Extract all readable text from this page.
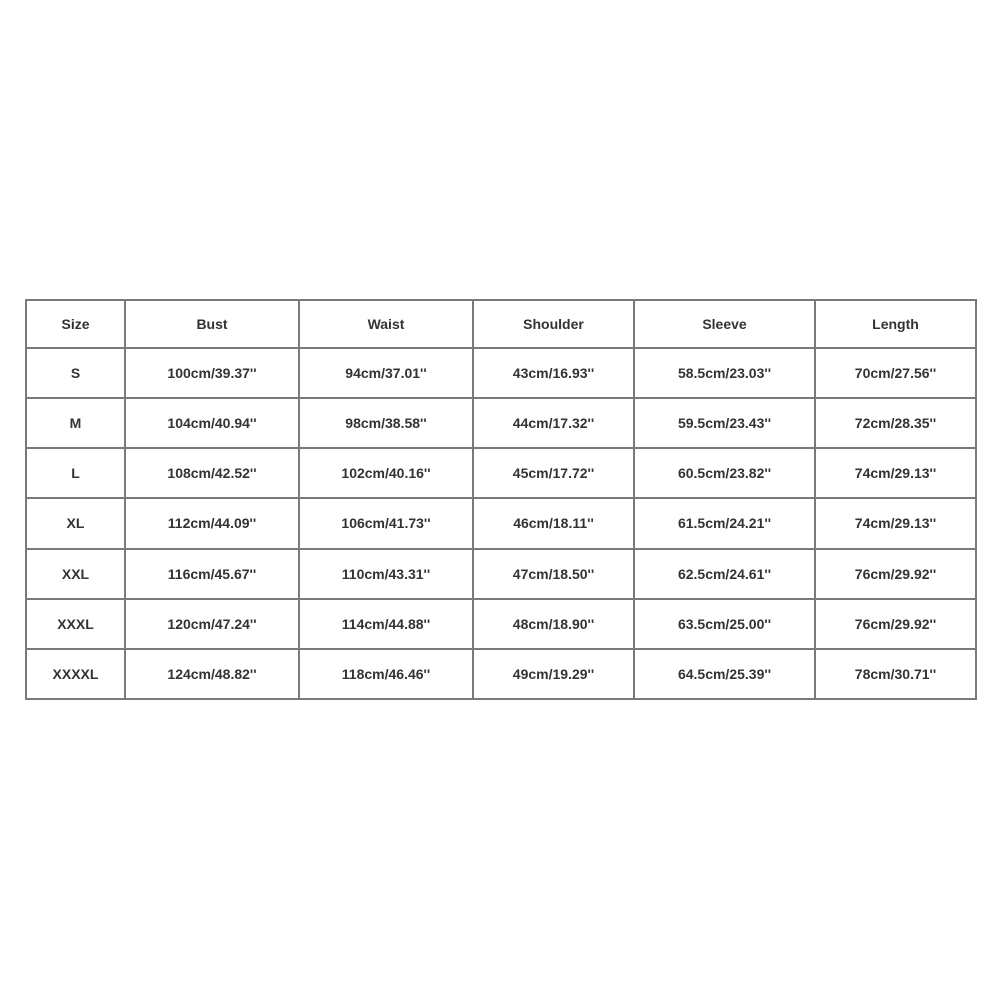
Size	Bust	Waist	Shoulder	Sleeve	Length
S	100cm/39.37''	94cm/37.01''	43cm/16.93''	58.5cm/23.03''	70cm/27.56''
M	104cm/40.94''	98cm/38.58''	44cm/17.32''	59.5cm/23.43''	72cm/28.35''
L	108cm/42.52''	102cm/40.16''	45cm/17.72''	60.5cm/23.82''	74cm/29.13''
XL	112cm/44.09''	106cm/41.73''	46cm/18.11''	61.5cm/24.21''	74cm/29.13''
XXL	116cm/45.67''	110cm/43.31''	47cm/18.50''	62.5cm/24.61''	76cm/29.92''
XXXL	120cm/47.24''	114cm/44.88''	48cm/18.90''	63.5cm/25.00''	76cm/29.92''
XXXXL	124cm/48.82''	118cm/46.46''	49cm/19.29''	64.5cm/25.39''	78cm/30.71''
